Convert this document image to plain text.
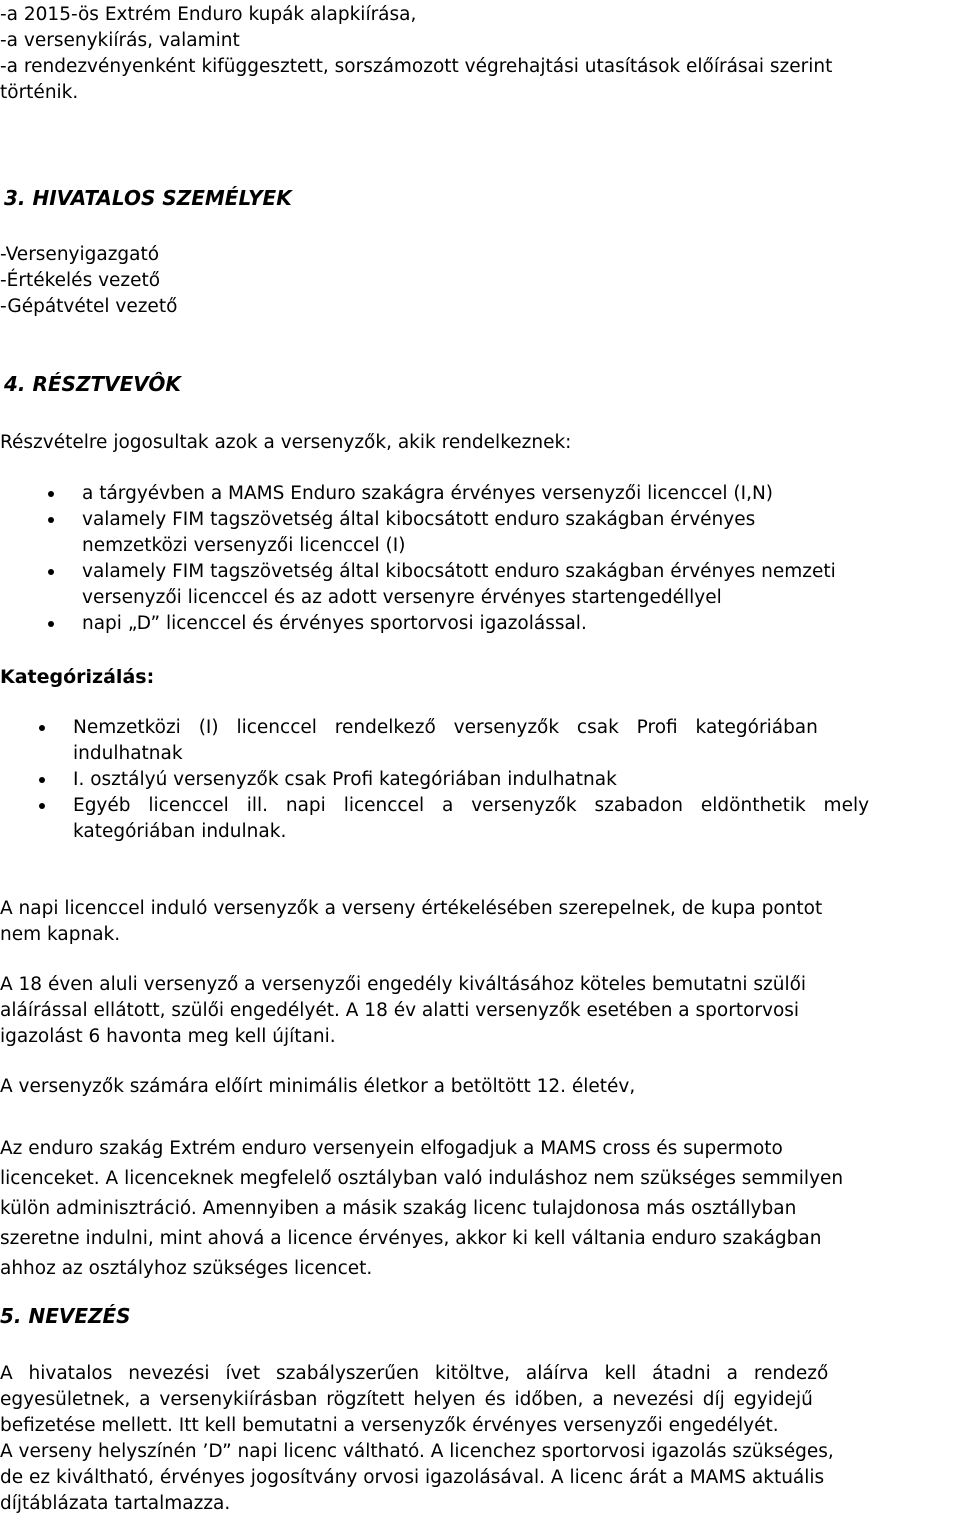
-a 2015-ös Extrém Enduro kupák alapkiírása,
-a versenykiírás, valamint
-a rendezvényenként kifüggesztett, sorszámozott végrehajtási utasítások előírásai szerint
történik.
3. HIVATALOS SZEMÉLYEK
-Versenyigazgató
-Értékelés vezető
-Gépátvétel vezető
4. RÉSZTVEVÔK
Részvételre jogosultak azok a versenyzők, akik rendelkeznek:
a tárgyévben a MAMS Enduro szakágra érvényes versenyzői licenccel (I,N)
valamely FIM tagszövetség által kibocsátott enduro szakágban érvényes
nemzetközi versenyzői licenccel (I)
valamely FIM tagszövetség által kibocsátott enduro szakágban érvényes nemzeti
versenyzői licenccel és az adott versenyre érvényes startengedéllyel
napi „D” licenccel és érvényes sportorvosi igazolással.
Kategórizálás:
Nemzetközi (I) licenccel rendelkező versenyzők csak Profi kategóriában
indulhatnak
I. osztályú versenyzők csak Profi kategóriában indulhatnak
Egyéb licenccel ill. napi licenccel a versenyzők szabadon eldönthetik mely
kategóriában indulnak.
A napi licenccel induló versenyzők a verseny értékelésében szerepelnek, de kupa pontot
nem kapnak.
A 18 éven aluli versenyző a versenyzői engedély kiváltásához köteles bemutatni szülői
aláírással ellátott, szülői engedélyét. A 18 év alatti versenyzők esetében a sportorvosi
igazolást 6 havonta meg kell újítani.
A versenyzők számára előírt minimális életkor a betöltött 12. életév,
Az enduro szakág Extrém enduro versenyein elfogadjuk a MAMS cross és supermoto
licenceket. A licenceknek megfelelő osztályban való induláshoz nem szükséges semmilyen
külön adminisztráció. Amennyiben a másik szakág licenc tulajdonosa más osztállyban
szeretne indulni, mint ahová a licence érvényes, akkor ki kell váltania enduro szakágban
ahhoz az osztályhoz szükséges licencet.
5. NEVEZÉS
A hivatalos nevezési ívet szabályszerűen kitöltve, aláírva kell átadni a rendező
egyesületnek, a versenykiírásban rögzített helyen és időben, a nevezési díj egyidejű
befizetése mellett. Itt kell bemutatni a versenyzők érvényes versenyzői engedélyét.
A verseny helyszínén ’D” napi licenc váltható. A licenchez sportorvosi igazolás szükséges,
de ez kiváltható, érvényes jogosítvány orvosi igazolásával. A licenc árát a MAMS aktuális
díjtáblázata tartalmazza.
